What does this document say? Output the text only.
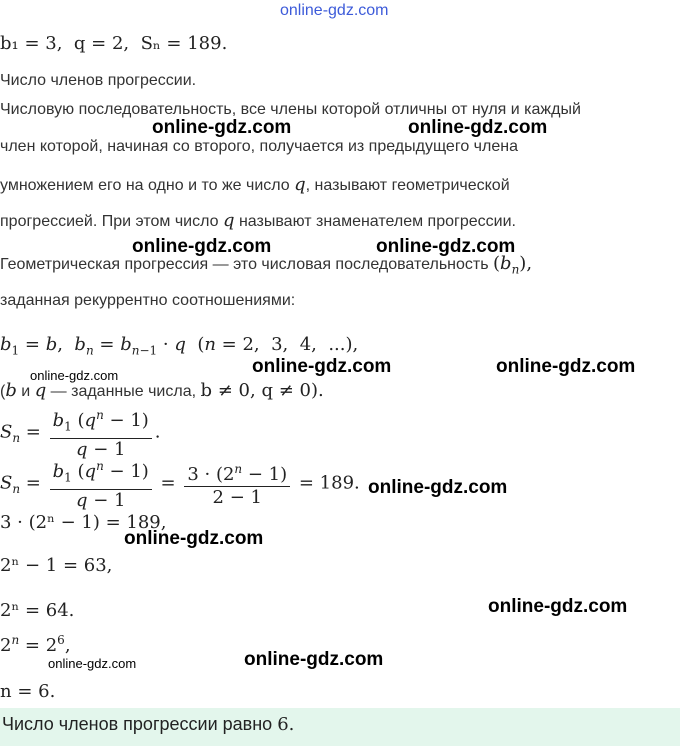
online-gdz.com
online-gdz.com	online-gdz.com
online-gdz.com	online-gdz.com
online-gdz.com	online-gdz.com
online-gdz.com
online-gdz.com
online-gdz.com
online-gdz.com
online-gdz.com
online-gdz.com
b₁ = 3, q = 2, Sₙ = 189.
Число членов прогрессии.
Числовую последовательность, все члены которой отличны от нуля и каждый
член которой, начиная со второго, получается из предыдущего члена
умножением его на одно и то же число q, называют геометрической
прогрессией. При этом число q называют знаменателем прогрессии.
Геометрическая прогрессия — это числовая последовательность $(b_n)$,
заданная рекуррентно соотношениями:
$b_1 = b$,  $b_n = b_{n-1} \cdot q$  (n = 2,  3,  4,  ...),
(b и q — заданные числа, b ≠ 0, q ≠ 0).
$S_n = \frac{b_1 (q^n - 1)}{q - 1}$ .
$S_n = \frac{b_1 (q^n - 1)}{q - 1} = \frac{3 \cdot (2^n - 1)}{2 - 1} = 189$.
3 · (2ⁿ − 1) = 189,
2ⁿ − 1 = 63,
2ⁿ = 64.
$2^n = 2^6$,
n = 6.
Число членов прогрессии равно 6.
